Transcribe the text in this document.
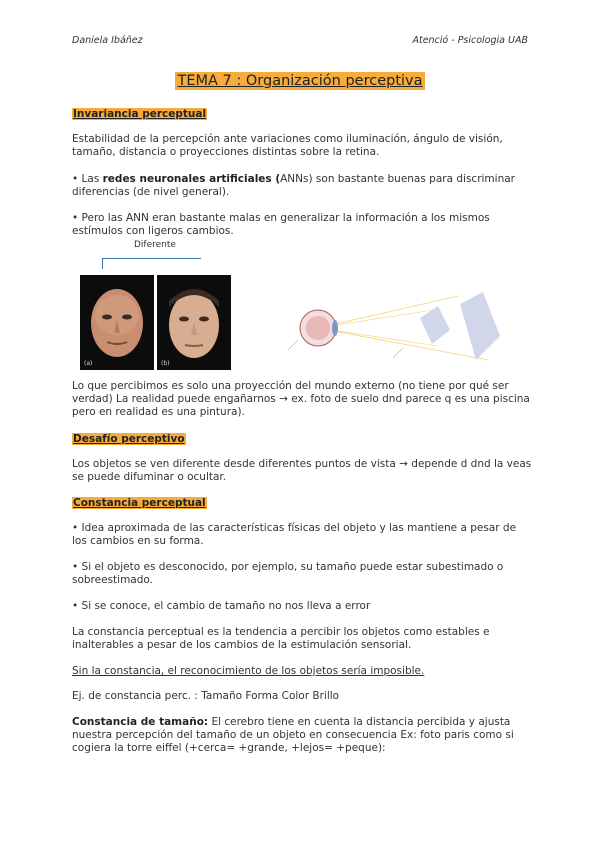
Daniela Ibáñez	Atenció - Psicologia UAB
TEMA 7 : Organización perceptiva
Invariancia perceptual
Estabilidad de la percepción ante variaciones como iluminación, ángulo de visión, tamaño, distancia o proyecciones distintas sobre la retina.
• Las redes neuronales artificiales (ANNs) son bastante buenas para discriminar diferencias (de nivel general).
• Pero las ANN eran bastante malas en generalizar la información a los mismos estímulos con ligeros cambios.
Diferente
(a)	(b)
Lo que percibimos es solo una proyección del mundo externo (no tiene por qué ser verdad) La realidad puede engañarnos → ex. foto de suelo dnd parece q es una piscina pero en realidad es una pintura).
Desafío perceptivo
Los objetos se ven diferente desde diferentes puntos de vista → depende d dnd la veas se puede difuminar o ocultar.
Constancia perceptual
• Idea aproximada de las características físicas del objeto y las mantiene a pesar de los cambios en su forma.
• Si el objeto es desconocido, por ejemplo, su tamaño puede estar subestimado o sobreestimado.
• Si se conoce, el cambio de tamaño no nos lleva a error
La constancia perceptual es la tendencia a percibir los objetos como estables e inalterables a pesar de los cambios de la estimulación sensorial.
Sin la constancia, el reconocimiento de los objetos sería imposible.
Ej. de constancia perc. : Tamaño Forma Color Brillo
Constancia de tamaño: El cerebro tiene en cuenta la distancia percibida y ajusta nuestra percepción del tamaño de un objeto en consecuencia Ex: foto paris como si cogiera la torre eiffel (+cerca= +grande, +lejos= +peque):
